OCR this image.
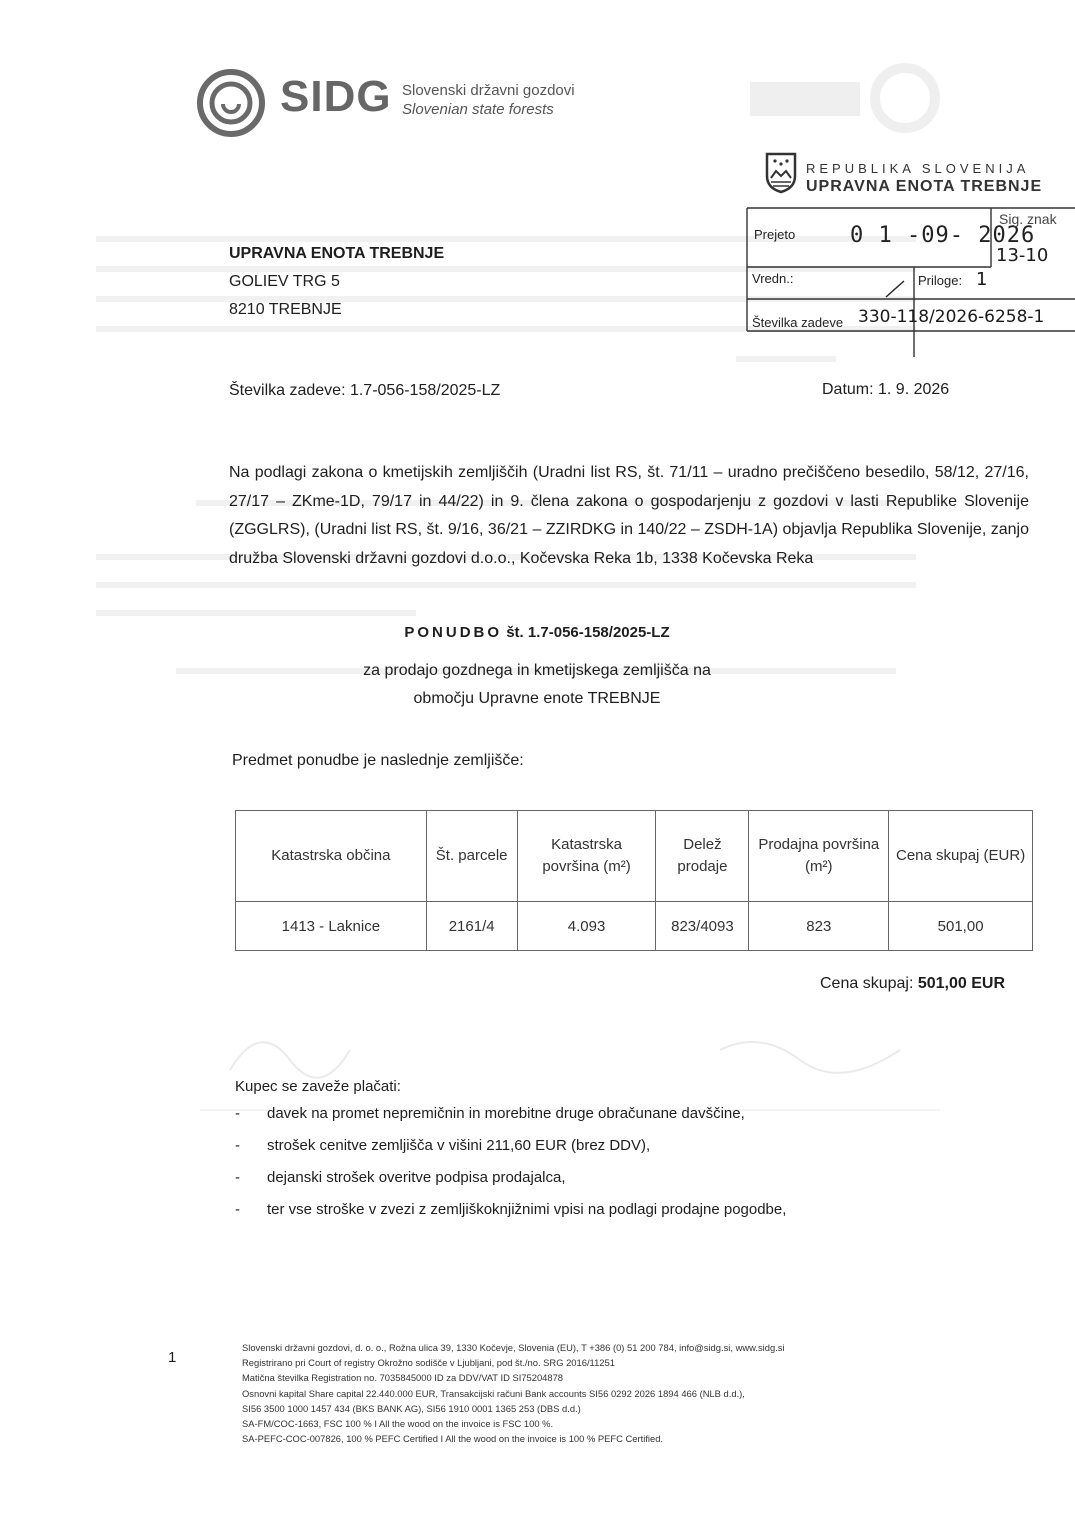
SIDG Slovenski državni gozdovi
Slovenian state forests
REPUBLIKA SLOVENIJA
UPRAVNA ENOTA TREBNJE
Prejeto 0 1 -09- 2026
Sig. znak
13-10
Vredn.:	Priloge: 1
Številka zadeve 330-118/2026-6258-1
UPRAVNA ENOTA TREBNJE
GOLIEV TRG 5
8210 TREBNJE
Številka zadeve: 1.7-056-158/2025-LZ	Datum: 1. 9. 2026
Na podlagi zakona o kmetijskih zemljiščih (Uradni list RS, št. 71/11 – uradno prečiščeno besedilo, 58/12, 27/16, 27/17 – ZKme-1D, 79/17 in 44/22) in 9. člena zakona o gospodarjenju z gozdovi v lasti Republike Slovenije (ZGGLRS), (Uradni list RS, št. 9/16, 36/21 – ZZIRDKG in 140/22 – ZSDH-1A) objavlja Republika Slovenije, zanjo družba Slovenski državni gozdovi d.o.o., Kočevska Reka 1b, 1338 Kočevska Reka
PONUDBO št. 1.7-056-158/2025-LZ
za prodajo gozdnega in kmetijskega zemljišča na
območju Upravne enote TREBNJE
Predmet ponudbe je naslednje zemljišče:
Katastrska občina	Št. parcele	Katastrska površina (m²)	Delež prodaje	Prodajna površina (m²)	Cena skupaj (EUR)
1413 - Laknice	2161/4	4.093	823/4093	823	501,00
Cena skupaj: 501,00 EUR
Kupec se zaveže plačati:
- davek na promet nepremičnin in morebitne druge obračunane davščine,
- strošek cenitve zemljišča v višini 211,60 EUR (brez DDV),
- dejanski strošek overitve podpisa prodajalca,
- ter vse stroške v zvezi z zemljiškoknjižnimi vpisi na podlagi prodajne pogodbe,
1
Slovenski državni gozdovi, d. o. o., Rožna ulica 39, 1330 Kočevje, Slovenia (EU), T +386 (0) 51 200 784, info@sidg.si, www.sidg.si
Registrirano pri Court of registry Okrožno sodišče v Ljubljani, pod št./no. SRG 2016/11251
Matična številka Registration no. 7035845000 ID za DDV/VAT ID SI75204878
Osnovni kapital Share capital 22.440.000 EUR, Transakcijski računi Bank accounts SI56 0292 2026 1894 466 (NLB d.d.),
SI56 3500 1000 1457 434 (BKS BANK AG), SI56 1910 0001 1365 253 (DBS d.d.)
SA-FM/COC-1663, FSC 100 % I All the wood on the invoice is FSC 100 %.
SA-PEFC-COC-007826, 100 % PEFC Certified I All the wood on the invoice is 100 % PEFC Certified.
